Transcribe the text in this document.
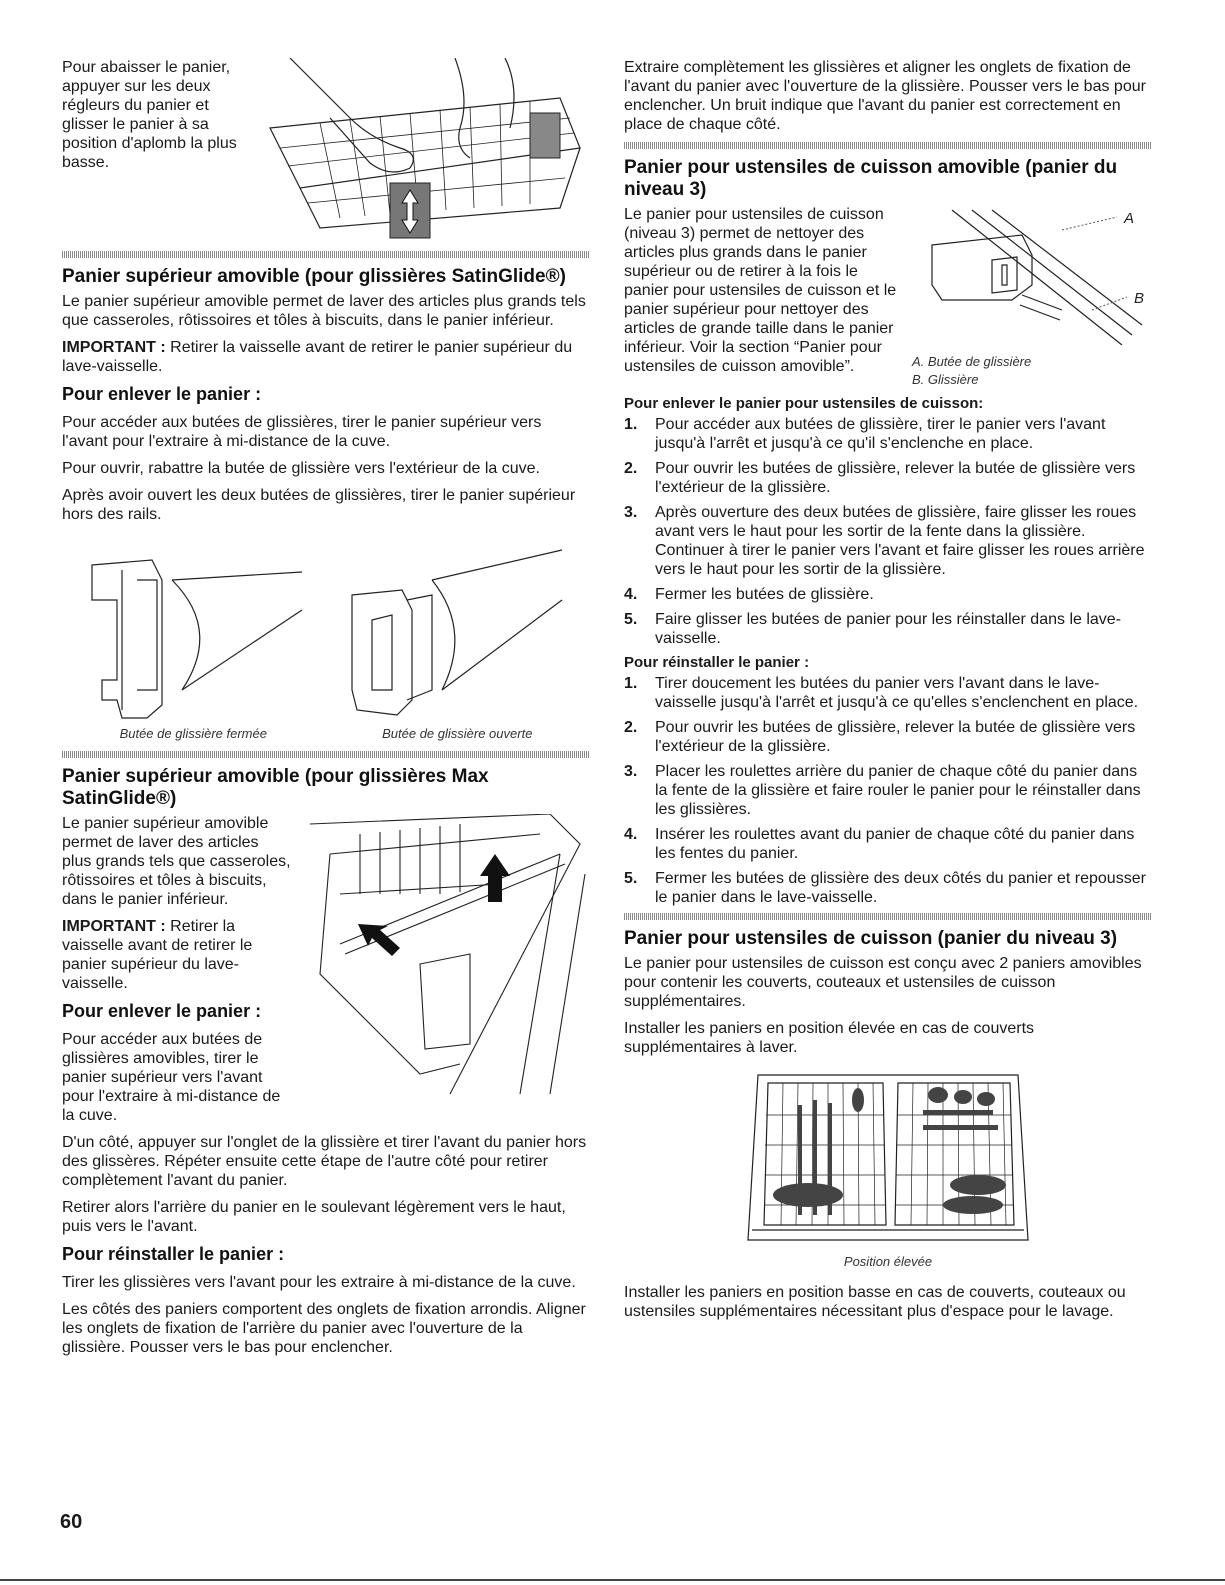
Pour abaisser le panier, appuyer sur les deux régleurs du panier et glisser le panier à sa position d'aplomb la plus basse.

Panier supérieur amovible (pour glissières SatinGlide®)

Le panier supérieur amovible permet de laver des articles plus grands tels que casseroles, rôtissoires et tôles à biscuits, dans le panier inférieur.

IMPORTANT : Retirer la vaisselle avant de retirer le panier supérieur du lave-vaisselle.

Pour enlever le panier :

Pour accéder aux butées de glissières, tirer le panier supérieur vers l'avant pour l'extraire à mi-distance de la cuve.

Pour ouvrir, rabattre la butée de glissière vers l'extérieur de la cuve.

Après avoir ouvert les deux butées de glissières, tirer le panier supérieur hors des rails.

Butée de glissière fermée	Butée de glissière ouverte
Panier supérieur amovible (pour glissières Max SatinGlide®)

Le panier supérieur amovible permet de laver des articles plus grands tels que casseroles, rôtissoires et tôles à biscuits, dans le panier inférieur.

IMPORTANT : Retirer la vaisselle avant de retirer le panier supérieur du lave-vaisselle.

Pour enlever le panier :

Pour accéder aux butées de glissières amovibles, tirer le panier supérieur vers l'avant pour l'extraire à mi-distance de la cuve.

D'un côté, appuyer sur l'onglet de la glissière et tirer l'avant du panier hors des glissères. Répéter ensuite cette étape de l'autre côté pour retirer complètement l'avant du panier.

Retirer alors l'arrière du panier en le soulevant légèrement vers le haut, puis vers le l'avant.

Pour réinstaller le panier :

Tirer les glissières vers l'avant pour les extraire à mi-distance de la cuve.

Les côtés des paniers comportent des onglets de fixation arrondis. Aligner les onglets de fixation de l'arrière du panier avec l'ouverture de la glissière. Pousser vers le bas pour enclencher.

Extraire complètement les glissières et aligner les onglets de fixation de l'avant du panier avec l'ouverture de la glissière. Pousser vers le bas pour enclencher. Un bruit indique que l'avant du panier est correctement en place de chaque côté.

Panier pour ustensiles de cuisson amovible (panier du niveau 3)
A
B
A. Butée de glissière
B. Glissière

Le panier pour ustensiles de cuisson (niveau 3) permet de nettoyer des articles plus grands dans le panier supérieur ou de retirer à la fois le panier pour ustensiles de cuisson et le panier supérieur pour nettoyer des articles de grande taille dans le panier inférieur. Voir la section “Panier pour ustensiles de cuisson amovible”.

Pour enlever le panier pour ustensiles de cuisson:
1. Pour accéder aux butées de glissière, tirer le panier vers l'avant jusqu'à l'arrêt et jusqu'à ce qu'il s'enclenche en place.
2. Pour ouvrir les butées de glissière, relever la butée de glissière vers l'extérieur de la glissière.
3. Après ouverture des deux butées de glissière, faire glisser les roues avant vers le haut pour les sortir de la fente dans la glissière. Continuer à tirer le panier vers l'avant et faire glisser les roues arrière vers le haut pour les sortir de la glissière.
4. Fermer les butées de glissière.
5. Faire glisser les butées de panier pour les réinstaller dans le lave-vaisselle.
Pour réinstaller le panier :
1. Tirer doucement les butées du panier vers l'avant dans le lave-vaisselle jusqu'à l'arrêt et jusqu'à ce qu'elles s'enclenchent en place.
2. Pour ouvrir les butées de glissière, relever la butée de glissière vers l'extérieur de la glissière.
3. Placer les roulettes arrière du panier de chaque côté du panier dans la fente de la glissière et faire rouler le panier pour le réinstaller dans les glissières.
4. Insérer les roulettes avant du panier de chaque côté du panier dans les fentes du panier.
5. Fermer les butées de glissière des deux côtés du panier et repousser le panier dans le lave-vaisselle.
Panier pour ustensiles de cuisson (panier du niveau 3)

Le panier pour ustensiles de cuisson est conçu avec 2 paniers amovibles pour contenir les couverts, couteaux et ustensiles de cuisson supplémentaires.

Installer les paniers en position élevée en cas de couverts supplémentaires à laver.

Position élevée

Installer les paniers en position basse en cas de couverts, couteaux ou ustensiles supplémentaires nécessitant plus d'espace pour le lavage.

60
